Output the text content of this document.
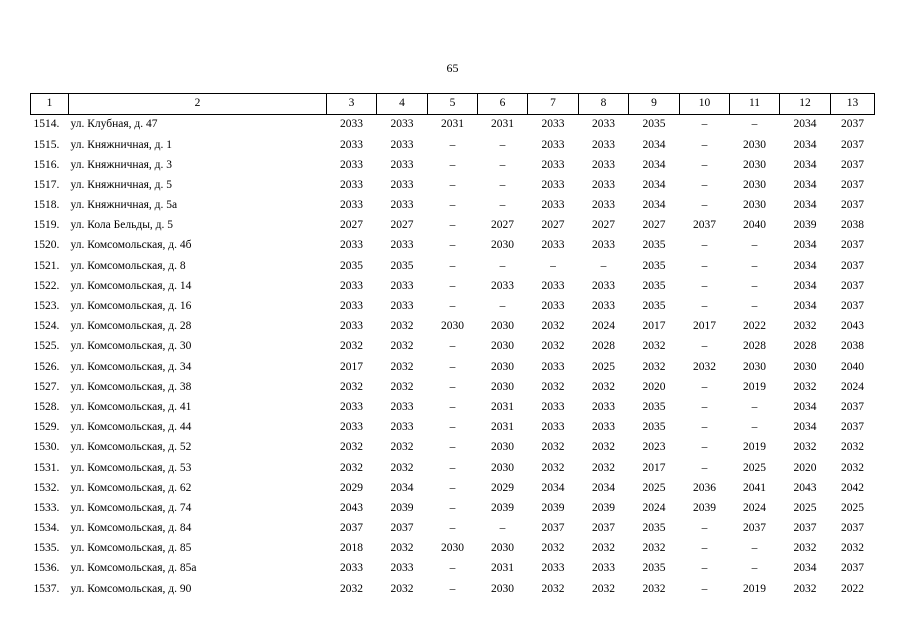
65
1	2	3	4	5	6	7	8	9	10	11	12	13
1514.	ул. Клубная, д. 47	2033	2033	2031	2031	2033	2033	2035	–	–	2034	2037
1515.	ул. Княжничная, д. 1	2033	2033	–	–	2033	2033	2034	–	2030	2034	2037
1516.	ул. Княжничная, д. 3	2033	2033	–	–	2033	2033	2034	–	2030	2034	2037
1517.	ул. Княжничная, д. 5	2033	2033	–	–	2033	2033	2034	–	2030	2034	2037
1518.	ул. Княжничная, д. 5а	2033	2033	–	–	2033	2033	2034	–	2030	2034	2037
1519.	ул. Кола Бельды, д. 5	2027	2027	–	2027	2027	2027	2027	2037	2040	2039	2038
1520.	ул. Комсомольская, д. 4б	2033	2033	–	2030	2033	2033	2035	–	–	2034	2037
1521.	ул. Комсомольская, д. 8	2035	2035	–	–	–	–	2035	–	–	2034	2037
1522.	ул. Комсомольская, д. 14	2033	2033	–	2033	2033	2033	2035	–	–	2034	2037
1523.	ул. Комсомольская, д. 16	2033	2033	–	–	2033	2033	2035	–	–	2034	2037
1524.	ул. Комсомольская, д. 28	2033	2032	2030	2030	2032	2024	2017	2017	2022	2032	2043
1525.	ул. Комсомольская, д. 30	2032	2032	–	2030	2032	2028	2032	–	2028	2028	2038
1526.	ул. Комсомольская, д. 34	2017	2032	–	2030	2033	2025	2032	2032	2030	2030	2040
1527.	ул. Комсомольская, д. 38	2032	2032	–	2030	2032	2032	2020	–	2019	2032	2024
1528.	ул. Комсомольская, д. 41	2033	2033	–	2031	2033	2033	2035	–	–	2034	2037
1529.	ул. Комсомольская, д. 44	2033	2033	–	2031	2033	2033	2035	–	–	2034	2037
1530.	ул. Комсомольская, д. 52	2032	2032	–	2030	2032	2032	2023	–	2019	2032	2032
1531.	ул. Комсомольская, д. 53	2032	2032	–	2030	2032	2032	2017	–	2025	2020	2032
1532.	ул. Комсомольская, д. 62	2029	2034	–	2029	2034	2034	2025	2036	2041	2043	2042
1533.	ул. Комсомольская, д. 74	2043	2039	–	2039	2039	2039	2024	2039	2024	2025	2025
1534.	ул. Комсомольская, д. 84	2037	2037	–	–	2037	2037	2035	–	2037	2037	2037
1535.	ул. Комсомольская, д. 85	2018	2032	2030	2030	2032	2032	2032	–	–	2032	2032
1536.	ул. Комсомольская, д. 85а	2033	2033	–	2031	2033	2033	2035	–	–	2034	2037
1537.	ул. Комсомольская, д. 90	2032	2032	–	2030	2032	2032	2032	–	2019	2032	2022
